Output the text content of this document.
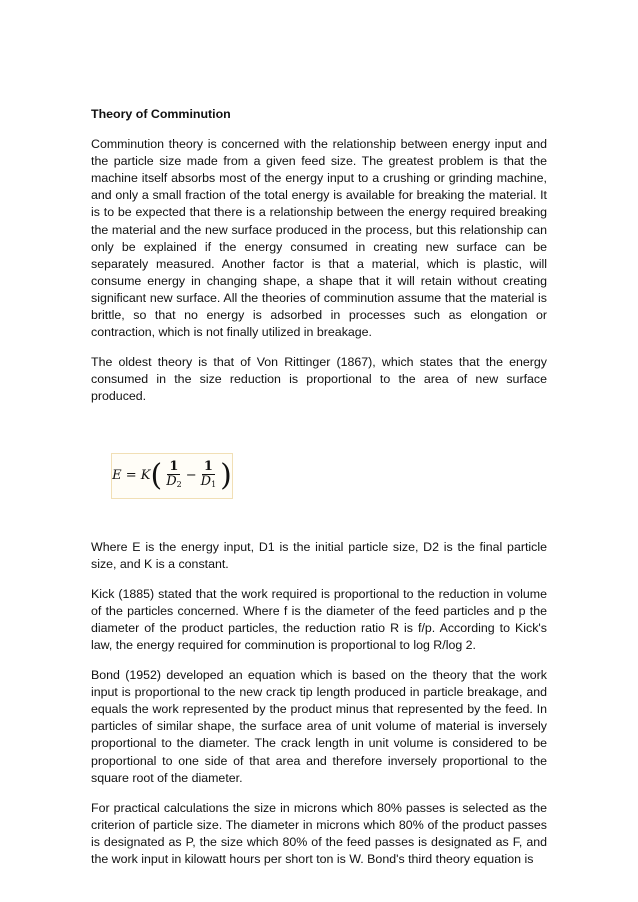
Theory of Comminution

Comminution theory is concerned with the relationship between energy input and the particle size made from a given feed size. The greatest problem is that the machine itself absorbs most of the energy input to a crushing or grinding machine, and only a small fraction of the total energy is available for breaking the material. It is to be expected that there is a relationship between the energy required breaking the material and the new surface produced in the process, but this relationship can only be explained if the energy consumed in creating new surface can be separately measured. Another factor is that a material, which is plastic, will consume energy in changing shape, a shape that it will retain without creating significant new surface. All the theories of comminution assume that the material is brittle, so that no energy is adsorbed in processes such as elongation or contraction, which is not finally utilized in breakage.

The oldest theory is that of Von Rittinger (1867), which states that the energy consumed in the size reduction is proportional to the area of new surface produced.

E = K ( $\frac{1}{D_2} - \frac{1}{D_1}$ )

Where E is the energy input, D1 is the initial particle size, D2 is the final particle size, and K is a constant.

Kick (1885) stated that the work required is proportional to the reduction in volume of the particles concerned. Where f is the diameter of the feed particles and p the diameter of the product particles, the reduction ratio R is f/p. According to Kick's law, the energy required for comminution is proportional to log R/log 2.

Bond (1952) developed an equation which is based on the theory that the work input is proportional to the new crack tip length produced in particle breakage, and equals the work represented by the product minus that represented by the feed. In particles of similar shape, the surface area of unit volume of material is inversely proportional to the diameter. The crack length in unit volume is considered to be proportional to one side of that area and therefore inversely proportional to the square root of the diameter.

For practical calculations the size in microns which 80% passes is selected as the criterion of particle size. The diameter in microns which 80% of the product passes is designated as P, the size which 80% of the feed passes is designated as F, and the work input in kilowatt hours per short ton is W. Bond's third theory equation is
